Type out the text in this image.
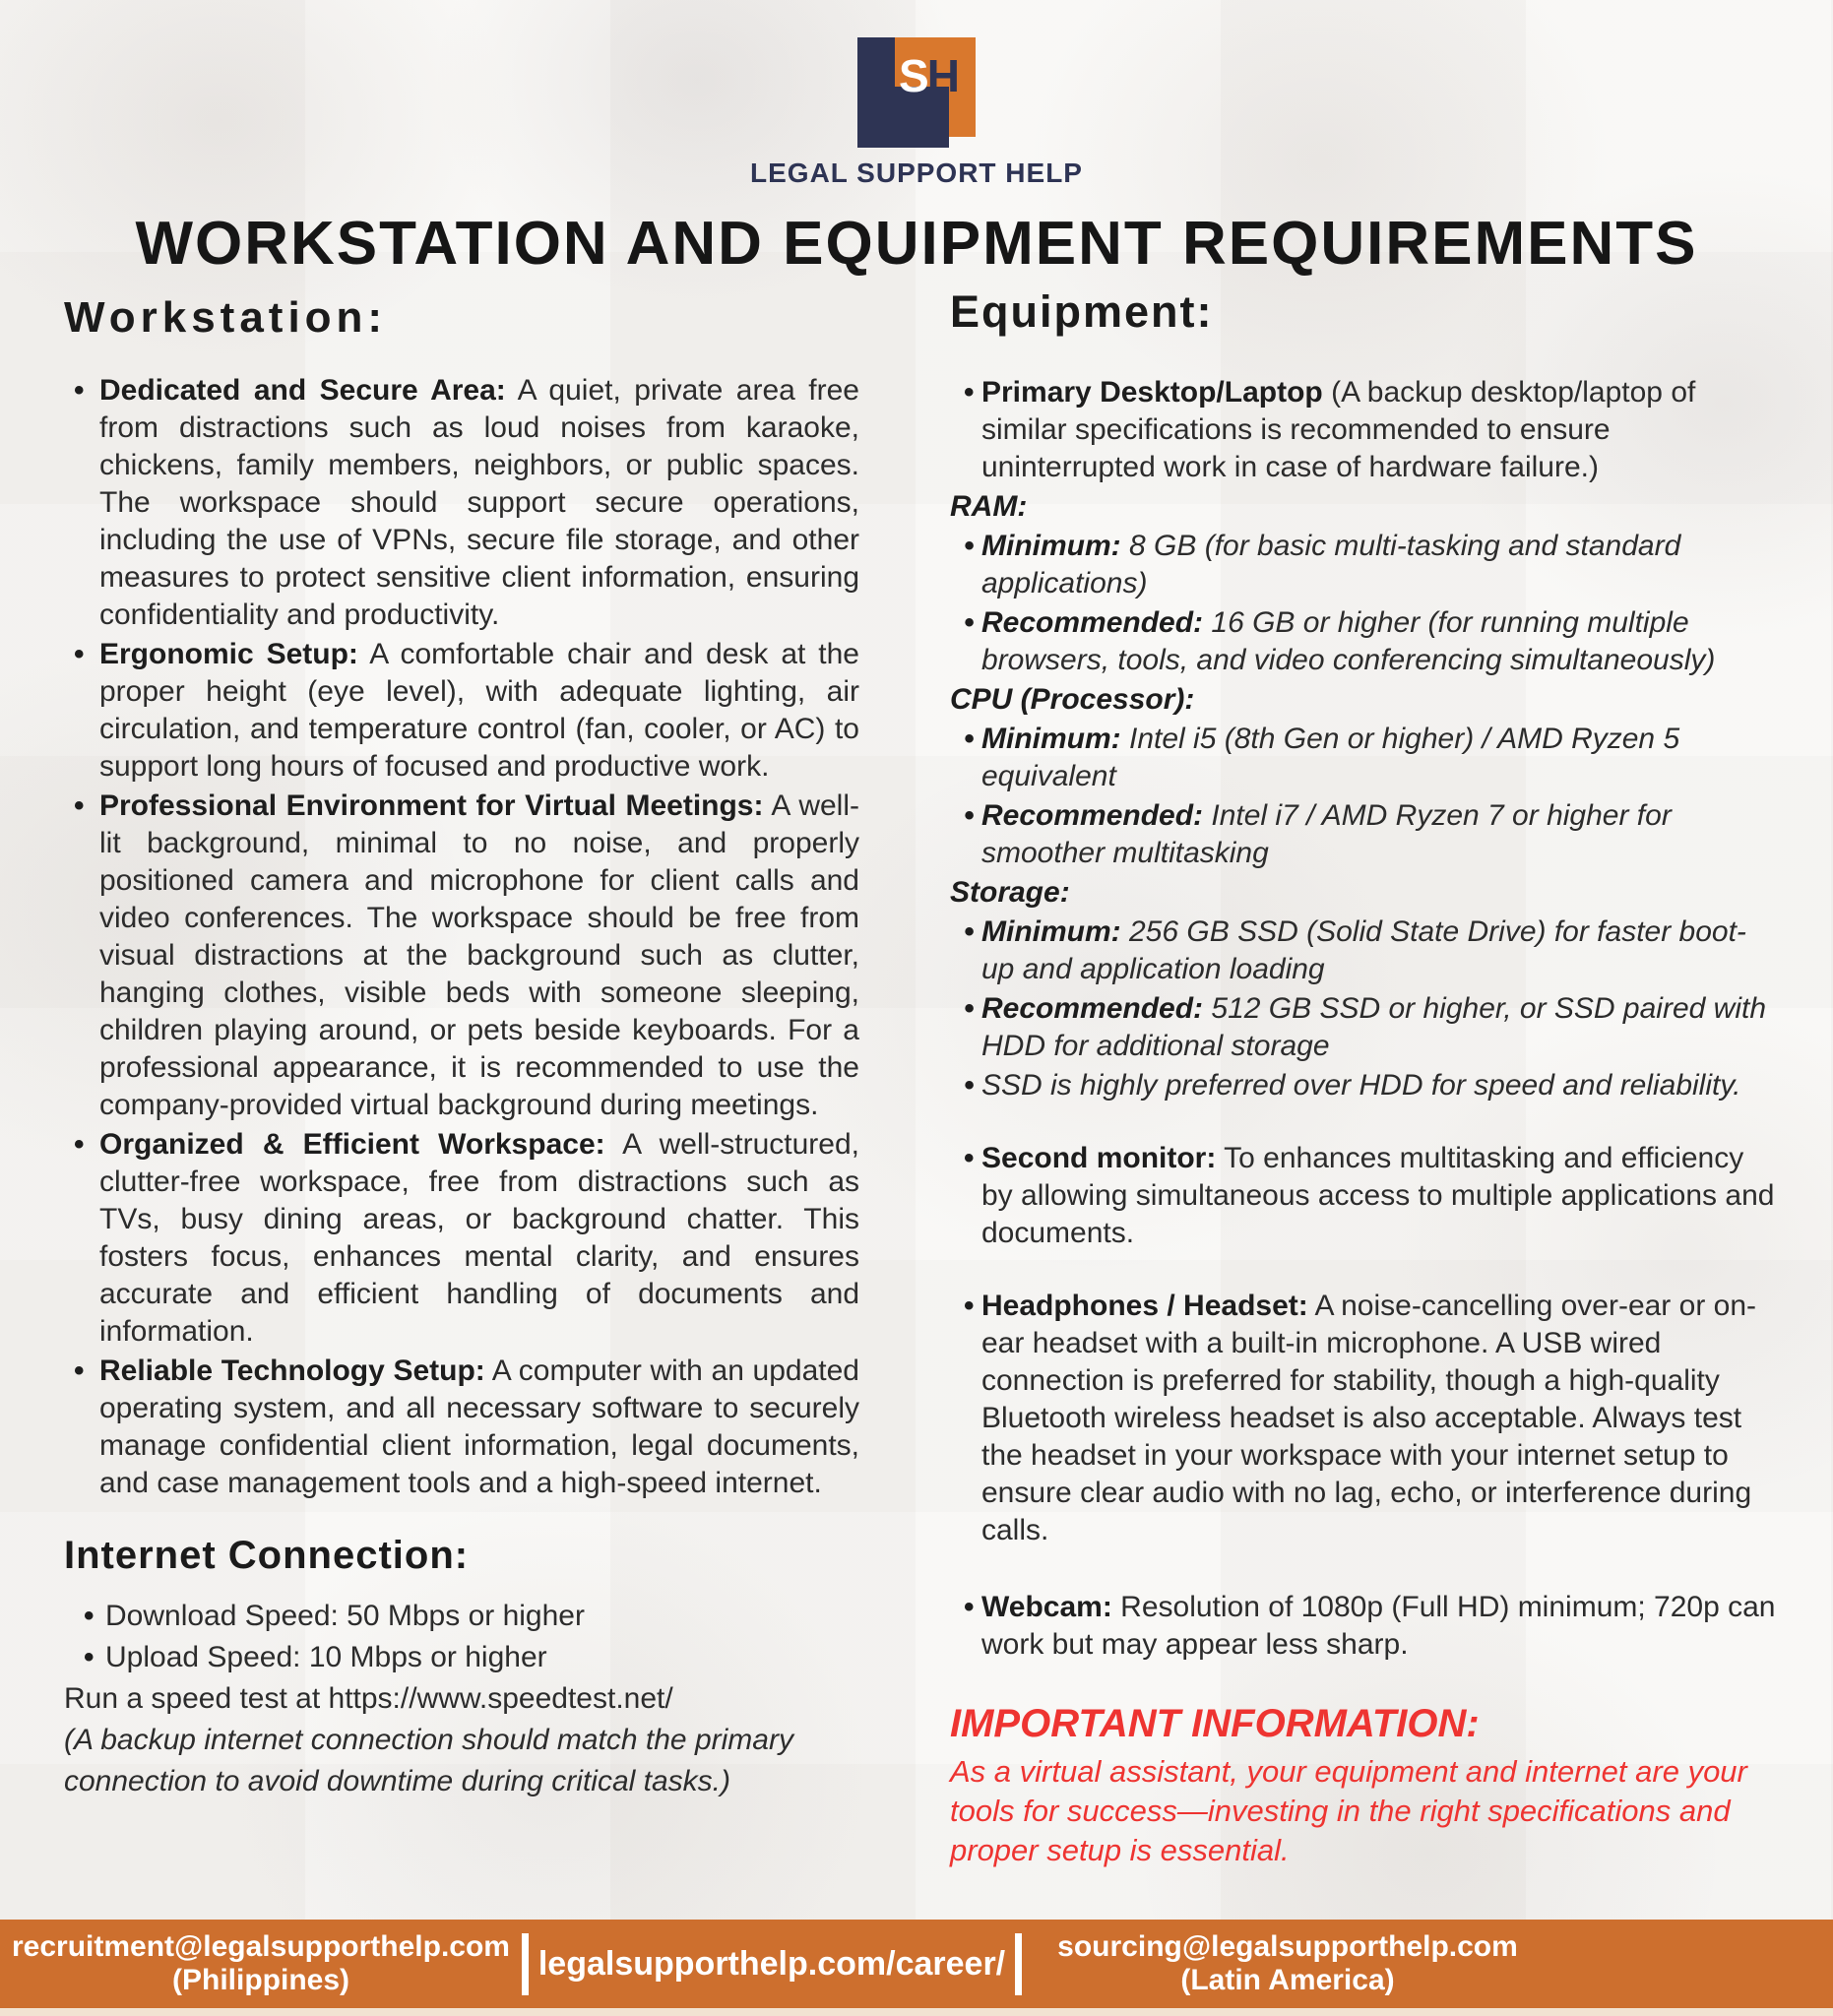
SH
LEGAL SUPPORT HELP
WORKSTATION AND EQUIPMENT REQUIREMENTS
Workstation:
• Dedicated and Secure Area: A quiet, private area free from distractions such as loud noises from karaoke, chickens, family members, neighbors, or public spaces. The workspace should support secure operations, including the use of VPNs, secure file storage, and other measures to protect sensitive client information, ensuring confidentiality and productivity.
• Ergonomic Setup: A comfortable chair and desk at the proper height (eye level), with adequate lighting, air circulation, and temperature control (fan, cooler, or AC) to support long hours of focused and productive work.
• Professional Environment for Virtual Meetings: A well-lit background, minimal to no noise, and properly positioned camera and microphone for client calls and video conferences. The workspace should be free from visual distractions at the background such as clutter, hanging clothes, visible beds with someone sleeping, children playing around, or pets beside keyboards. For a professional appearance, it is recommended to use the company-provided virtual background during meetings.
• Organized & Efficient Workspace: A well-structured, clutter-free workspace, free from distractions such as TVs, busy dining areas, or background chatter. This fosters focus, enhances mental clarity, and ensures accurate and efficient handling of documents and information.
• Reliable Technology Setup: A computer with an updated operating system, and all necessary software to securely manage confidential client information, legal documents, and case management tools and a high-speed internet.
Internet Connection:
• Download Speed: 50 Mbps or higher
• Upload Speed: 10 Mbps or higher
Run a speed test at https://www.speedtest.net/
(A backup internet connection should match the primary connection to avoid downtime during critical tasks.)
Equipment:
• Primary Desktop/Laptop (A backup desktop/laptop of similar specifications is recommended to ensure uninterrupted work in case of hardware failure.)
RAM:
• Minimum: 8 GB (for basic multi-tasking and standard applications)
• Recommended: 16 GB or higher (for running multiple browsers, tools, and video conferencing simultaneously)
CPU (Processor):
• Minimum: Intel i5 (8th Gen or higher) / AMD Ryzen 5 equivalent
• Recommended: Intel i7 / AMD Ryzen 7 or higher for smoother multitasking
Storage:
• Minimum: 256 GB SSD (Solid State Drive) for faster boot-up and application loading
• Recommended: 512 GB SSD or higher, or SSD paired with HDD for additional storage
• SSD is highly preferred over HDD for speed and reliability.
• Second monitor: To enhances multitasking and efficiency by allowing simultaneous access to multiple applications and documents.
• Headphones / Headset: A noise-cancelling over-ear or on-ear headset with a built-in microphone. A USB wired connection is preferred for stability, though a high-quality Bluetooth wireless headset is also acceptable. Always test the headset in your workspace with your internet setup to ensure clear audio with no lag, echo, or interference during calls.
• Webcam: Resolution of 1080p (Full HD) minimum; 720p can work but may appear less sharp.
IMPORTANT INFORMATION:
As a virtual assistant, your equipment and internet are your tools for success—investing in the right specifications and proper setup is essential.
recruitment@legalsupporthelp.com
(Philippines)	legalsupporthelp.com/career/	sourcing@legalsupporthelp.com
(Latin America)
